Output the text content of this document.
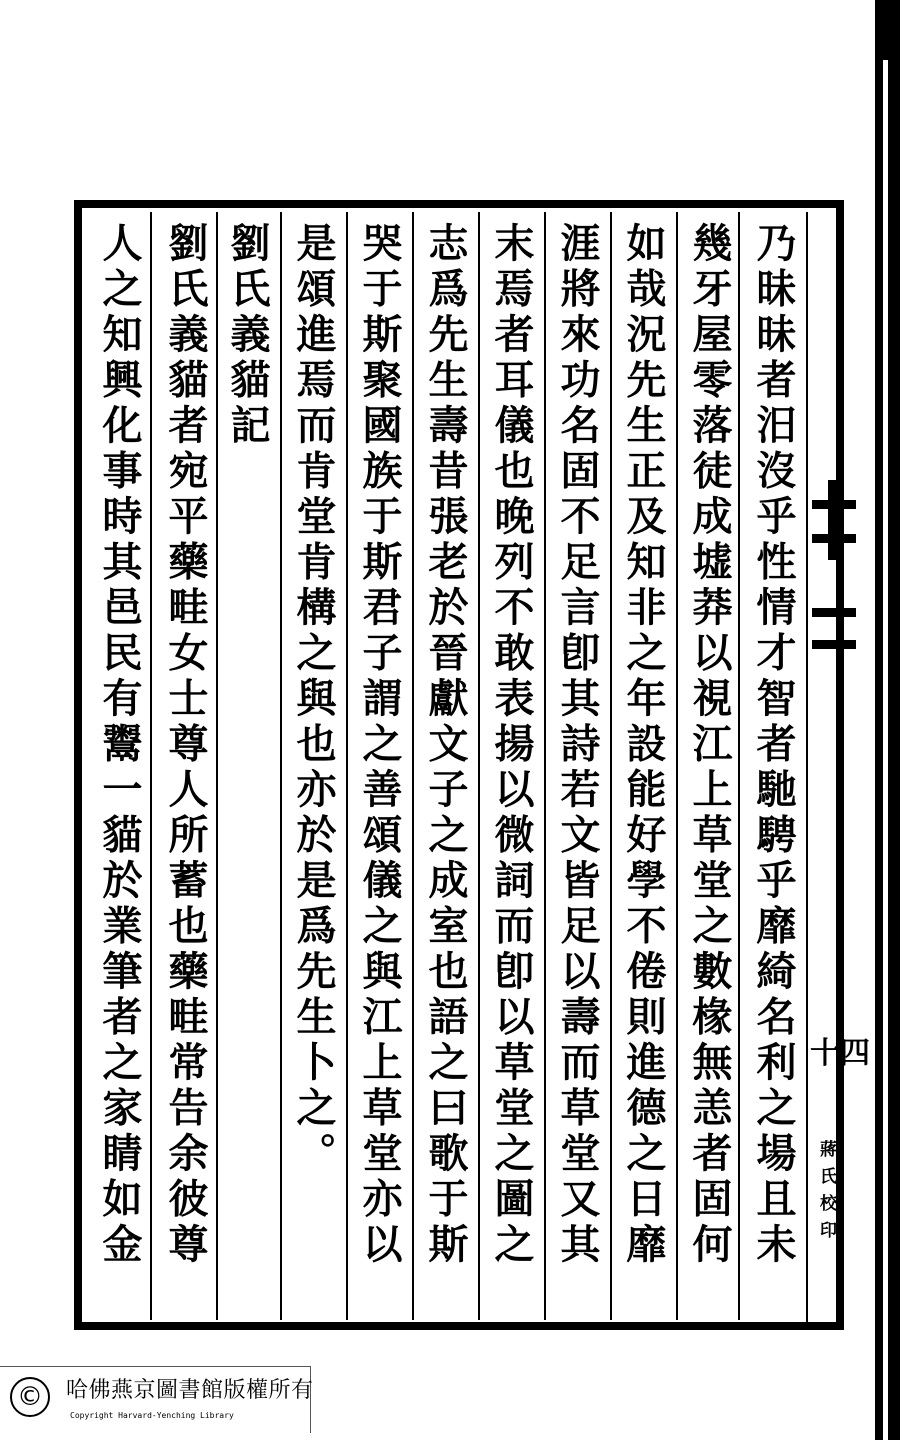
乃昧昧者汨沒乎性情才智者馳騁乎靡綺名利之場且未
幾牙屋零落徒成墟莽以視江上草堂之數椽無恙者固何
如哉況先生正及知非之年設能好學不倦則進德之日靡
涯將來功名固不足言卽其詩若文皆足以壽而草堂又其
末焉者耳儀也晚列不敢表揚以微詞而卽以草堂之圖之
志爲先生壽昔張老於晉獻文子之成室也語之曰歌于斯
哭于斯聚國族于斯君子謂之善頌儀之與江上草堂亦以
是頌進焉而肯堂肯構之與也亦於是爲先生卜之。
劉氏義貓記
劉氏義貓者宛平藥畦女士尊人所蓄也藥畦常告余彼尊
人之知興化事時其邑民有鬻一貓於業筆者之家睛如金	十四
蔣氏校印
©	哈佛燕京圖書館版權所有
Copyright Harvard-Yenching Library
